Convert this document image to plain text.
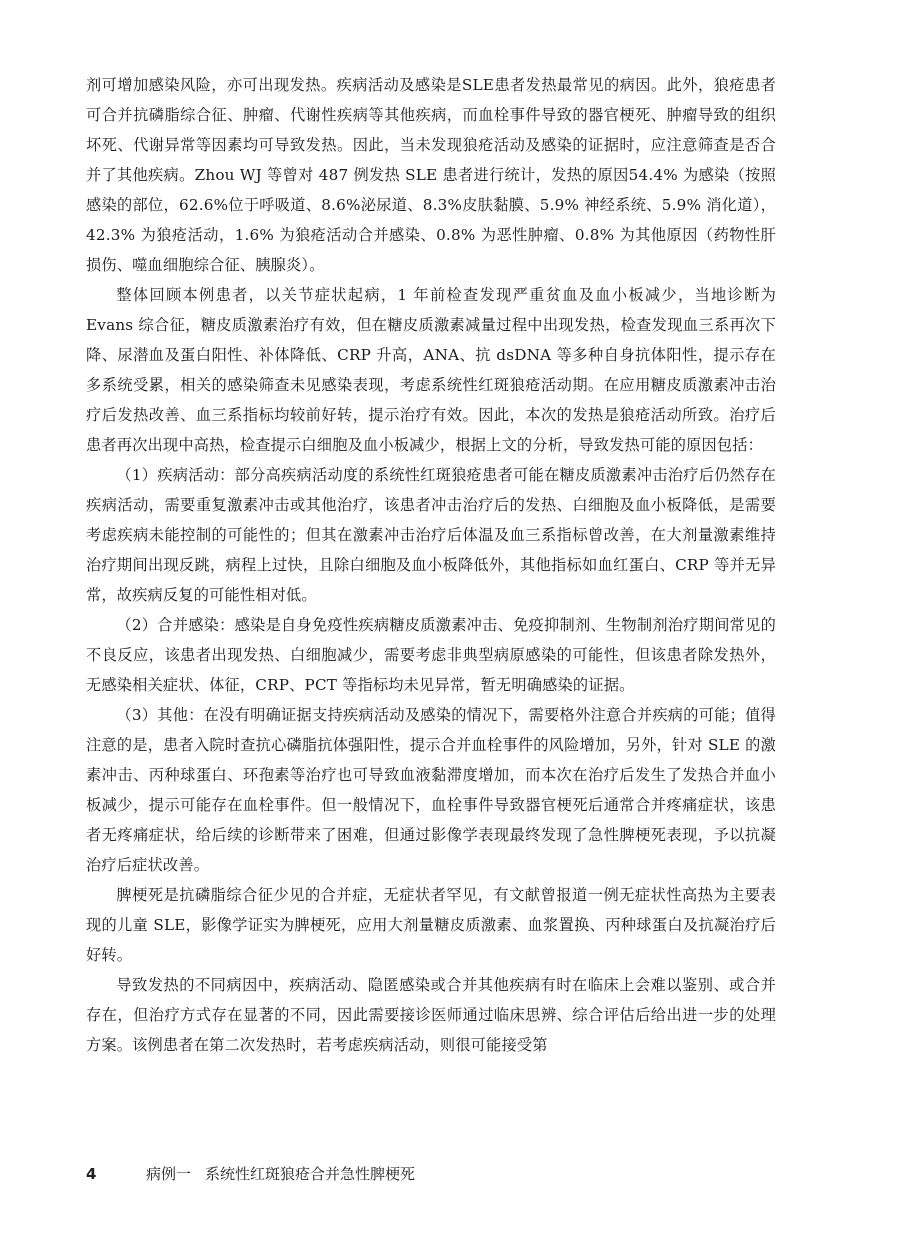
剂可增加感染风险，亦可出现发热。疾病活动及感染是SLE患者发热最常见的病因。此外，狼疮患者可合并抗磷脂综合征、肿瘤、代谢性疾病等其他疾病，而血栓事件导致的器官梗死、肿瘤导致的组织坏死、代谢异常等因素均可导致发热。因此，当未发现狼疮活动及感染的证据时，应注意筛查是否合并了其他疾病。Zhou WJ 等曾对 487 例发热 SLE 患者进行统计，发热的原因54.4% 为感染（按照感染的部位，62.6%位于呼吸道、8.6%泌尿道、8.3%皮肤黏膜、5.9% 神经系统、5.9% 消化道），42.3% 为狼疮活动，1.6% 为狼疮活动合并感染、0.8% 为恶性肿瘤、0.8% 为其他原因（药物性肝损伤、噬血细胞综合征、胰腺炎）。

整体回顾本例患者，以关节症状起病，1 年前检查发现严重贫血及血小板减少，当地诊断为 Evans 综合征，糖皮质激素治疗有效，但在糖皮质激素减量过程中出现发热，检查发现血三系再次下降、尿潜血及蛋白阳性、补体降低、CRP 升高，ANA、抗 dsDNA 等多种自身抗体阳性，提示存在多系统受累，相关的感染筛查未见感染表现，考虑系统性红斑狼疮活动期。在应用糖皮质激素冲击治疗后发热改善、血三系指标均较前好转，提示治疗有效。因此，本次的发热是狼疮活动所致。治疗后患者再次出现中高热，检查提示白细胞及血小板减少，根据上文的分析，导致发热可能的原因包括：

（1）疾病活动：部分高疾病活动度的系统性红斑狼疮患者可能在糖皮质激素冲击治疗后仍然存在疾病活动，需要重复激素冲击或其他治疗，该患者冲击治疗后的发热、白细胞及血小板降低，是需要考虑疾病未能控制的可能性的；但其在激素冲击治疗后体温及血三系指标曾改善，在大剂量激素维持治疗期间出现反跳，病程上过快，且除白细胞及血小板降低外，其他指标如血红蛋白、CRP 等并无异常，故疾病反复的可能性相对低。

（2）合并感染：感染是自身免疫性疾病糖皮质激素冲击、免疫抑制剂、生物制剂治疗期间常见的不良反应，该患者出现发热、白细胞减少，需要考虑非典型病原感染的可能性，但该患者除发热外，无感染相关症状、体征，CRP、PCT 等指标均未见异常，暂无明确感染的证据。

（3）其他：在没有明确证据支持疾病活动及感染的情况下，需要格外注意合并疾病的可能；值得注意的是，患者入院时查抗心磷脂抗体强阳性，提示合并血栓事件的风险增加，另外，针对 SLE 的激素冲击、丙种球蛋白、环孢素等治疗也可导致血液黏滞度增加，而本次在治疗后发生了发热合并血小板减少，提示可能存在血栓事件。但一般情况下，血栓事件导致器官梗死后通常合并疼痛症状，该患者无疼痛症状，给后续的诊断带来了困难，但通过影像学表现最终发现了急性脾梗死表现，予以抗凝治疗后症状改善。

脾梗死是抗磷脂综合征少见的合并症，无症状者罕见，有文献曾报道一例无症状性高热为主要表现的儿童 SLE，影像学证实为脾梗死，应用大剂量糖皮质激素、血浆置换、丙种球蛋白及抗凝治疗后好转。

导致发热的不同病因中，疾病活动、隐匿感染或合并其他疾病有时在临床上会难以鉴别、或合并存在，但治疗方式存在显著的不同，因此需要接诊医师通过临床思辨、综合评估后给出进一步的处理方案。该例患者在第二次发热时，若考虑疾病活动，则很可能接受第

4	病例一 系统性红斑狼疮合并急性脾梗死
